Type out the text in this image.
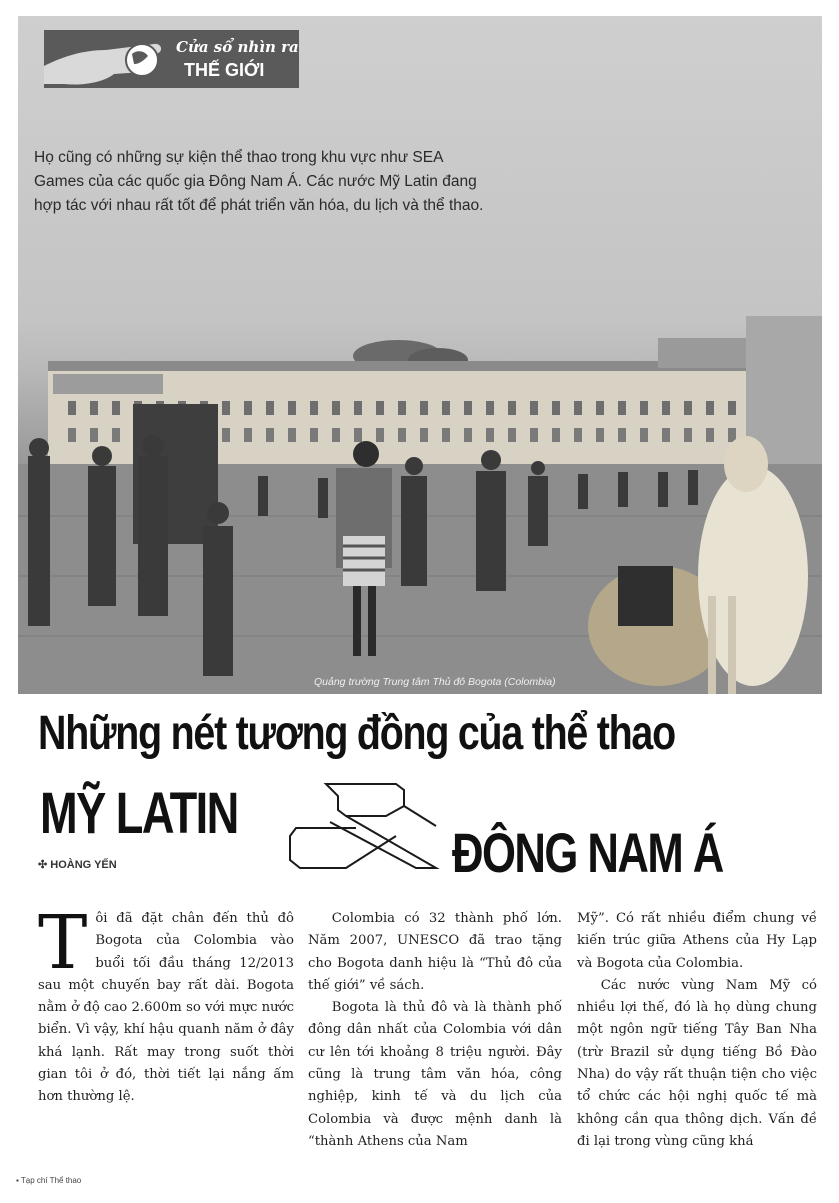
Cửa sổ nhìn ra
THẾ GIỚI
Họ cũng có những sự kiện thể thao trong khu vực như SEA Games của các quốc gia Đông Nam Á. Các nước Mỹ Latin đang hợp tác với nhau rất tốt để phát triển văn hóa, du lịch và thể thao.
Quảng trường Trung tâm Thủ đô Bogota (Colombia)
Những nét tương đồng của thể thao
MỸ LATIN
ĐÔNG NAM Á
✣ HOÀNG YẾN

Tôi đã đặt chân đến thủ đô Bogota của Colombia vào buổi tối đầu tháng 12/2013 sau một chuyến bay rất dài. Bogota nằm ở độ cao 2.600m so với mực nước biển. Vì vậy, khí hậu quanh năm ở đây khá lạnh. Rất may trong suốt thời gian tôi ở đó, thời tiết lại nắng ấm hơn thường lệ.

Colombia có 32 thành phố lớn. Năm 2007, UNESCO đã trao tặng cho Bogota danh hiệu là “Thủ đô của thế giới” về sách.

Bogota là thủ đô và là thành phố đông dân nhất của Colombia với dân cư lên tới khoảng 8 triệu người. Đây cũng là trung tâm văn hóa, công nghiệp, kinh tế và du lịch của Colombia và được mệnh danh là “thành Athens của Nam

Mỹ”. Có rất nhiều điểm chung về kiến trúc giữa Athens của Hy Lạp và Bogota của Colombia.

Các nước vùng Nam Mỹ có nhiều lợi thế, đó là họ dùng chung một ngôn ngữ tiếng Tây Ban Nha (trừ Brazil sử dụng tiếng Bồ Đào Nha) do vậy rất thuận tiện cho việc tổ chức các hội nghị quốc tế mà không cần qua thông dịch. Vấn đề đi lại trong vùng cũng khá

▪ Tạp chí Thể thao
